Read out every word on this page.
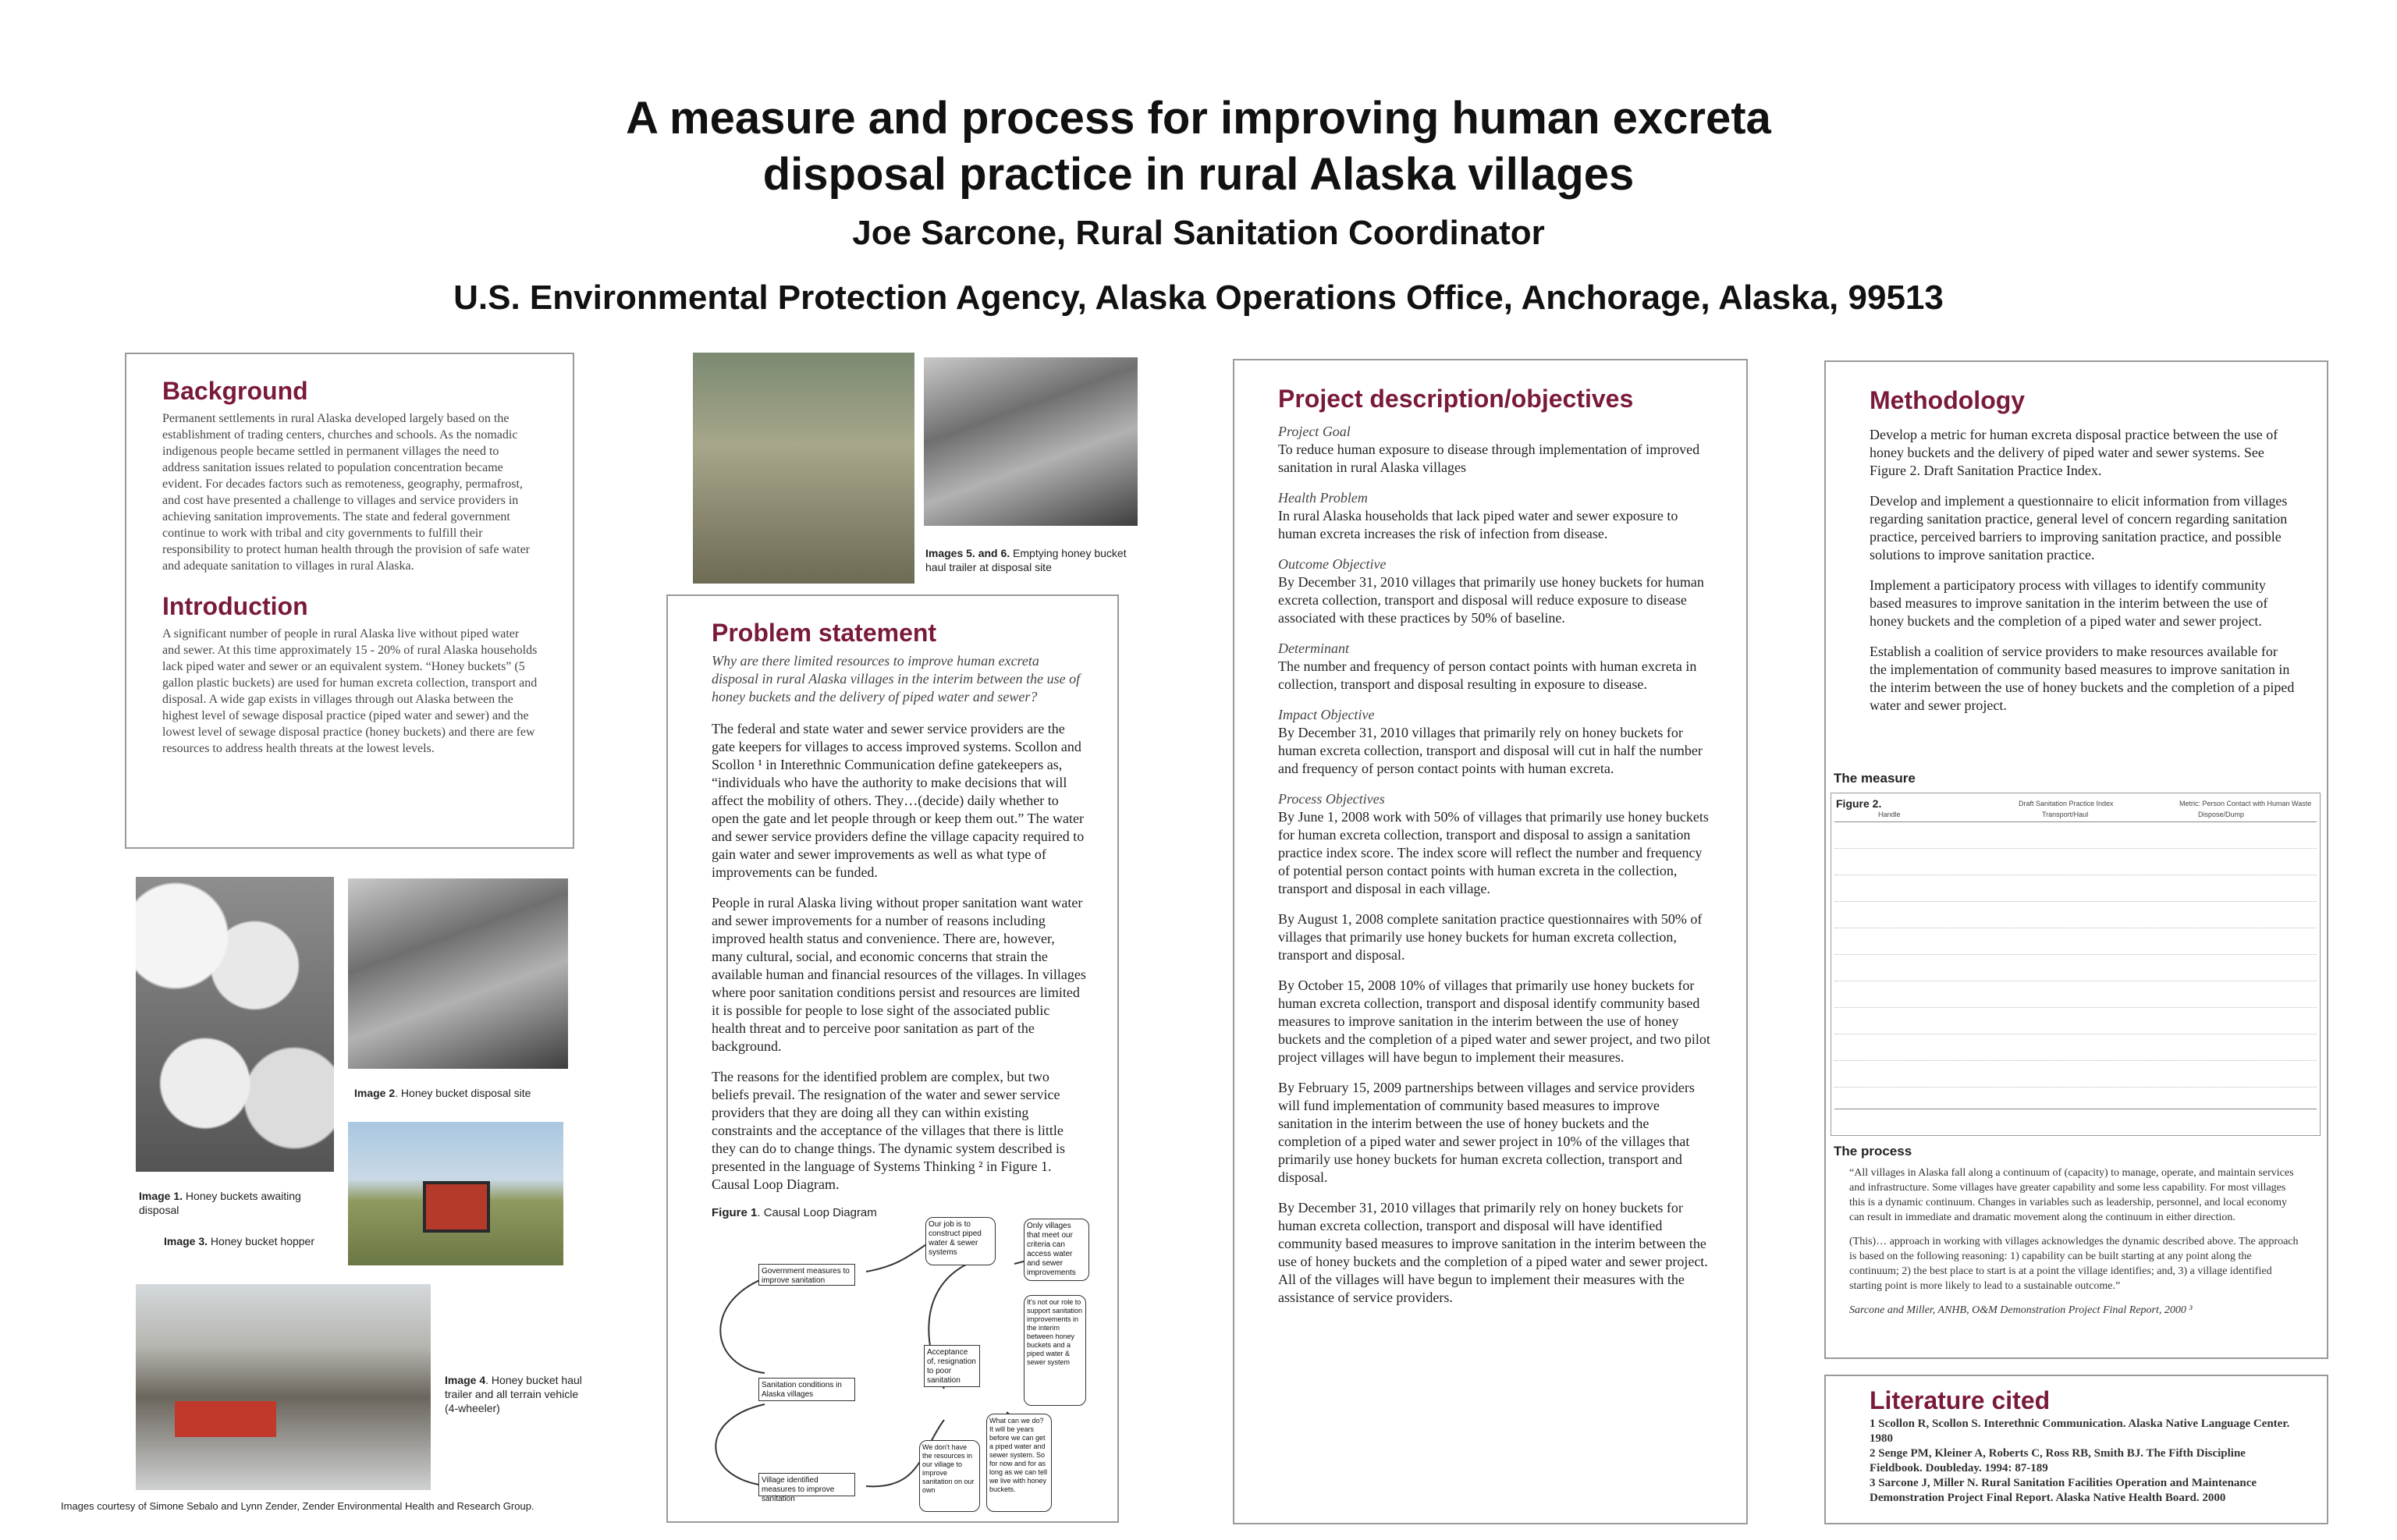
A measure and process for improving human excreta
disposal practice in rural Alaska villages
Joe Sarcone, Rural Sanitation Coordinator
U.S. Environmental Protection Agency, Alaska Operations Office, Anchorage, Alaska, 99513
Background
Permanent settlements in rural Alaska developed largely based on the establishment of trading centers, churches and schools. As the nomadic indigenous people became settled in permanent villages the need to address sanitation issues related to population concentration became evident. For decades factors such as remoteness, geography, permafrost, and cost have presented a challenge to villages and service providers in achieving sanitation improvements. The state and federal government continue to work with tribal and city governments to fulfill their responsibility to protect human health through the provision of safe water and adequate sanitation to villages in rural Alaska.
Introduction
A significant number of people in rural Alaska live without piped water and sewer. At this time approximately 15 - 20% of rural Alaska households lack piped water and sewer or an equivalent system. “Honey buckets” (5 gallon plastic buckets) are used for human excreta collection, transport and disposal. A wide gap exists in villages through out Alaska between the highest level of sewage disposal practice (piped water and sewer) and the lowest level of sewage disposal practice (honey buckets) and there are few resources to address health threats at the lowest levels.
Images 5. and 6. Emptying honey bucket haul trailer at disposal site
Image 2. Honey bucket disposal site
Image 1. Honey buckets awaiting disposal
Image 3. Honey bucket hopper
Image 4. Honey bucket haul trailer and all terrain vehicle (4-wheeler)
Images courtesy of Simone Sebalo and Lynn Zender, Zender Environmental Health and Research Group.
Problem statement
Why are there limited resources to improve human excreta disposal in rural Alaska villages in the interim between the use of honey buckets and the delivery of piped water and sewer?

The federal and state water and sewer service providers are the gate keepers for villages to access improved systems. Scollon and Scollon ¹ in Interethnic Communication define gatekeepers as, “individuals who have the authority to make decisions that will affect the mobility of others. They…(decide) daily whether to open the gate and let people through or keep them out.” The water and sewer service providers define the village capacity required to gain water and sewer improvements as well as what type of improvements can be funded.

People in rural Alaska living without proper sanitation want water and sewer improvements for a number of reasons including improved health status and convenience. There are, however, many cultural, social, and economic concerns that strain the available human and financial resources of the villages. In villages where poor sanitation conditions persist and resources are limited it is possible for people to lose sight of the associated public health threat and to perceive poor sanitation as part of the background.

The reasons for the identified problem are complex, but two beliefs prevail. The resignation of the water and sewer service providers that they are doing all they can within existing constraints and the acceptance of the villages that there is little they can do to change things. The dynamic system described is presented in the language of Systems Thinking ² in Figure 1. Causal Loop Diagram.

Figure 1. Causal Loop Diagram
Government measures to improve sanitation
Sanitation conditions in Alaska villages
Village identified measures to improve sanitation
Our job is to construct piped water & sewer systems
Only villages that meet our criteria can access water and sewer improvements
Acceptance of, resignation to poor sanitation
It's not our role to support sanitation improvements in the interim between honey buckets and a piped water & sewer system
What can we do? It will be years before we can get a piped water and sewer system. So for now and for as long as we can tell we live with honey buckets.
We don't have the resources in our village to improve sanitation on our own
Project description/objectives
Project Goal

To reduce human exposure to disease through implementation of improved sanitation in rural Alaska villages

Health Problem

In rural Alaska households that lack piped water and sewer exposure to human excreta increases the risk of infection from disease.

Outcome Objective

By December 31, 2010 villages that primarily use honey buckets for human excreta collection, transport and disposal will reduce exposure to disease associated with these practices by 50% of baseline.

Determinant

The number and frequency of person contact points with human excreta in collection, transport and disposal resulting in exposure to disease.

Impact Objective

By December 31, 2010 villages that primarily rely on honey buckets for human excreta collection, transport and disposal will cut in half the number and frequency of person contact points with human excreta.

Process Objectives

By June 1, 2008 work with 50% of villages that primarily use honey buckets for human excreta collection, transport and disposal to assign a sanitation practice index score. The index score will reflect the number and frequency of potential person contact points with human excreta in the collection, transport and disposal in each village.

By August 1, 2008 complete sanitation practice questionnaires with 50% of villages that primarily use honey buckets for human excreta collection, transport and disposal.

By October 15, 2008 10% of villages that primarily use honey buckets for human excreta collection, transport and disposal identify community based measures to improve sanitation in the interim between the use of honey buckets and the completion of a piped water and sewer project, and two pilot project villages will have begun to implement their measures.

By February 15, 2009 partnerships between villages and service providers will fund implementation of community based measures to improve sanitation in the interim between the use of honey buckets and the completion of a piped water and sewer project in 10% of the villages that primarily use honey buckets for human excreta collection, transport and disposal.

By December 31, 2010 villages that primarily rely on honey buckets for human excreta collection, transport and disposal will have identified community based measures to improve sanitation in the interim between the use of honey buckets and the completion of a piped water and sewer project. All of the villages will have begun to implement their measures with the assistance of service providers.

Methodology

Develop a metric for human excreta disposal practice between the use of honey buckets and the delivery of piped water and sewer systems. See Figure 2. Draft Sanitation Practice Index.

Develop and implement a questionnaire to elicit information from villages regarding sanitation practice, general level of concern regarding sanitation practice, perceived barriers to improving sanitation practice, and possible solutions to improve sanitation practice.

Implement a participatory process with villages to identify community based measures to improve sanitation in the interim between the use of honey buckets and the completion of a piped water and sewer project.

Establish a coalition of service providers to make resources available for the implementation of community based measures to improve sanitation in the interim between the use of honey buckets and the completion of a piped water and sewer project.

The measure
Figure 2.	Draft Sanitation Practice Index	Metric: Person Contact with Human Waste
Handle	Transport/Haul	Dispose/Dump
The process

“All villages in Alaska fall along a continuum of (capacity) to manage, operate, and maintain services and infrastructure. Some villages have greater capability and some less capability. For most villages this is a dynamic continuum. Changes in variables such as leadership, personnel, and local economy can result in immediate and dramatic movement along the continuum in either direction.

(This)… approach in working with villages acknowledges the dynamic described above. The approach is based on the following reasoning: 1) capability can be built starting at any point along the continuum; 2) the best place to start is at a point the village identifies; and, 3) a village identified starting point is more likely to lead to a sustainable outcome.”

Sarcone and Miller, ANHB, O&M Demonstration Project Final Report, 2000 ³

Literature cited
1 Scollon R, Scollon S. Interethnic Communication. Alaska Native Language Center. 1980
2 Senge PM, Kleiner A, Roberts C, Ross RB, Smith BJ. The Fifth Discipline Fieldbook. Doubleday. 1994: 87-189
3 Sarcone J, Miller N. Rural Sanitation Facilities Operation and Maintenance Demonstration Project Final Report. Alaska Native Health Board. 2000
